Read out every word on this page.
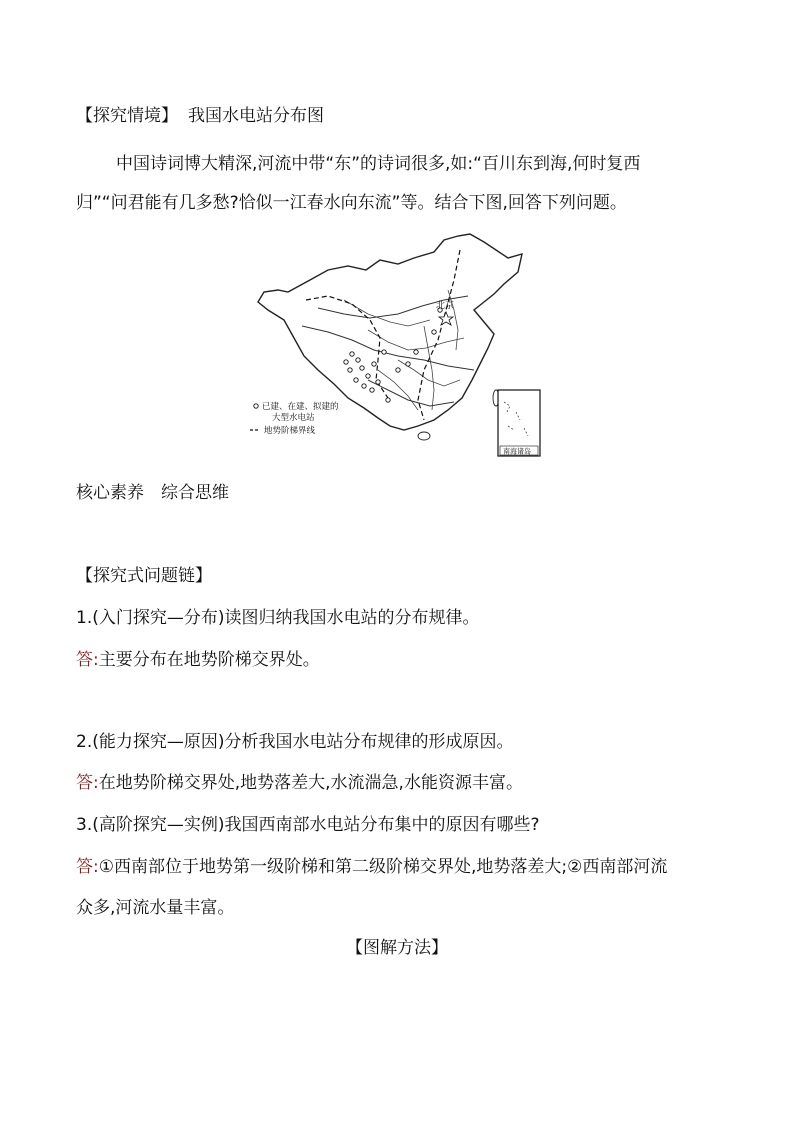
【探究情境】 我国水电站分布图
中国诗词博大精深,河流中带“东”的诗词很多,如:“百川东到海,何时复西
归”“问君能有几多愁?恰似一江春水向东流”等。结合下图,回答下列问题。
北京
已建、在建、拟建的
大型水电站
地势阶梯界线
南海诸岛
核心素养　综合思维
【探究式问题链】
1.(入门探究—分布)读图归纳我国水电站的分布规律。
答:主要分布在地势阶梯交界处。
2.(能力探究—原因)分析我国水电站分布规律的形成原因。
答:在地势阶梯交界处,地势落差大,水流湍急,水能资源丰富。
3.(高阶探究—实例)我国西南部水电站分布集中的原因有哪些?
答:①西南部位于地势第一级阶梯和第二级阶梯交界处,地势落差大;②西南部河流
众多,河流水量丰富。
【图解方法】
